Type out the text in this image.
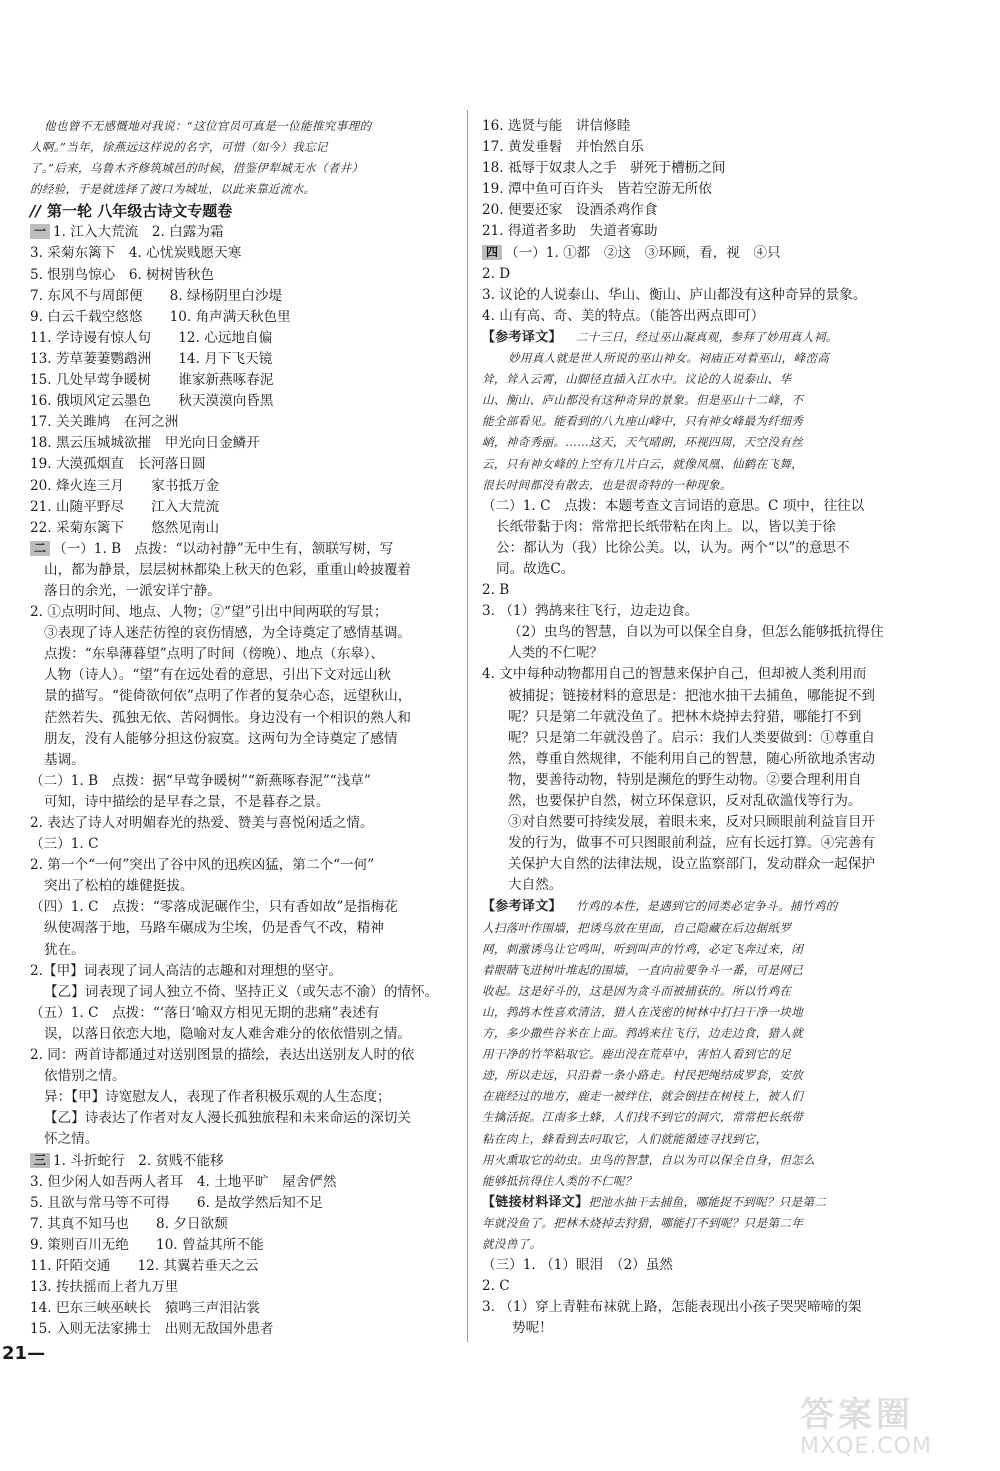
他也曾不无感慨地对我说：“这位官员可真是一位能推究事理的
人啊。”当年，徐燕远这样说的名字，可惜（如今）我忘记
了。”后来，乌鲁木齐修筑城邑的时候，借鉴伊犁城无水（者井）
的经验，于是就选择了渡口为城址，以此来靠近流水。
// 第一轮 八年级古诗文专题卷
一 1. 江入大荒流　2. 白露为霜
3. 采菊东篱下　4. 心忧炭贱愿天寒
5. 恨别鸟惊心　6. 树树皆秋色
7. 东风不与周郎便　　8. 绿杨阴里白沙堤
9. 白云千载空悠悠　　10. 角声满天秋色里
11. 学诗谩有惊人句　　12. 心远地自偏
13. 芳草萋萋鹦鹉洲　　14. 月下飞天镜
15. 几处早莺争暖树　　谁家新燕啄春泥
16. 俄顷风定云墨色　　秋天漠漠向昏黑
17. 关关雎鸠　在河之洲
18. 黑云压城城欲摧　甲光向日金鳞开
19. 大漠孤烟直　长河落日圆
20. 烽火连三月　　家书抵万金
21. 山随平野尽　　江入大荒流
22. 采菊东篱下　　悠然见南山
二 （一）1. B　点拨：“以动衬静”无中生有，颔联写树，写
山，都为静景，层层树林都染上秋天的色彩，重重山岭披覆着
落日的余光，一派安详宁静。
2. ①点明时间、地点、人物；②“望”引出中间两联的写景；
③表现了诗人迷茫彷徨的哀伤情感，为全诗奠定了感情基调。
点拨：“东皋薄暮望”点明了时间（傍晚）、地点（东皋）、
人物（诗人）。“望”有在远处看的意思，引出下文对远山秋
景的描写。“徙倚欲何依”点明了作者的复杂心态，远望秋山，
茫然若失、孤独无依、苦闷惆怅。身边没有一个相识的熟人和
朋友，没有人能够分担这份寂寞。这两句为全诗奠定了感情
基调。
（二）1. B　点拨：据“早莺争暖树”“新燕啄春泥”“浅草”
可知，诗中描绘的是早春之景，不是暮春之景。
2. 表达了诗人对明媚春光的热爱、赞美与喜悦闲适之情。
（三）1. C
2. 第一个“一何”突出了谷中风的迅疾凶猛，第二个“一何”
突出了松柏的雄健挺拔。
（四）1. C　点拨：“零落成泥碾作尘，只有香如故”是指梅花
纵使凋落于地，马路车碾成为尘埃，仍是香气不改，精神
犹在。
2.【甲】词表现了词人高洁的志趣和对理想的坚守。
【乙】词表现了词人独立不倚、坚持正义（或矢志不渝）的情怀。
（五）1. C　点拨：“‘落日’喻双方相见无期的悲痛”表述有
误，以落日依恋大地，隐喻对友人难舍难分的依依惜别之情。
2. 同：两首诗都通过对送别图景的描绘，表达出送别友人时的依
依惜别之情。
异：【甲】诗宽慰友人，表现了作者积极乐观的人生态度；
【乙】诗表达了作者对友人漫长孤独旅程和未来命运的深切关
怀之情。
三 1. 斗折蛇行　2. 贫贱不能移
3. 但少闲人如吾两人者耳　4. 土地平旷　屋舍俨然
5. 且欲与常马等不可得　　6. 是故学然后知不足
7. 其真不知马也　　8. 夕日欲颓
9. 策则百川无绝　　10. 曾益其所不能
11. 阡陌交通　　12. 其翼若垂天之云
13. 抟扶摇而上者九万里
14. 巴东三峡巫峡长　猿鸣三声泪沾裳
15. 入则无法家拂士　出则无敌国外患者
16. 选贤与能　讲信修睦
17. 黄发垂髫　并怡然自乐
18. 祗辱于奴隶人之手　骈死于槽枥之间
19. 潭中鱼可百许头　皆若空游无所依
20. 便要还家　设酒杀鸡作食
21. 得道者多助　失道者寡助
四 （一）1. ①都　②这　③环顾，看，视　④只
2. D
3. 议论的人说泰山、华山、衡山、庐山都没有这种奇异的景象。
4. 山有高、奇、美的特点。（能答出两点即可）
【参考译文】 二十三日，经过巫山凝真观，参拜了妙用真人祠。
妙用真人就是世人所说的巫山神女。祠庙正对着巫山，峰峦高
耸，耸入云霄，山脚径直插入江水中。议论的人说泰山、华
山、衡山、庐山都没有这种奇异的景象。但是巫山十二峰，不
能全部看见。能看到的八九座山峰中，只有神女峰最为纤细秀
峭，神奇秀丽。……这天，天气晴朗，环视四周，天空没有丝
云，只有神女峰的上空有几片白云，就像凤凰、仙鹤在飞舞，
很长时间都没有散去，也是很奇特的一种现象。
（二）1. C　点拨：本题考查文言词语的意思。C 项中，往往以
长纸带黏于肉：常常把长纸带粘在肉上。以，皆以美于徐
公：都认为（我）比徐公美。以，认为。两个“以”的意思不
同。故选C。
2. B
3. （1）鹁鸪来往飞行，边走边食。
（2）虫鸟的智慧，自以为可以保全自身，但怎么能够抵抗得住
人类的不仁呢？
4. 文中每种动物都用自己的智慧来保护自己，但却被人类利用而
被捕捉；链接材料的意思是：把池水抽干去捕鱼，哪能捉不到
呢？只是第二年就没鱼了。把林木烧掉去狩猎，哪能打不到
呢？只是第二年就没兽了。启示：我们人类要做到：①尊重自
然，尊重自然规律，不能利用自己的智慧，随心所欲地杀害动
物，要善待动物，特别是濒危的野生动物。②要合理利用自
然，也要保护自然，树立环保意识，反对乱砍滥伐等行为。
③对自然要可持续发展，着眼未来，反对只顾眼前利益盲目开
发的行为，做事不可只图眼前利益，应有长远打算。④完善有
关保护大自然的法律法规，设立监察部门，发动群众一起保护
大自然。
【参考译文】 竹鸡的本性，是遇到它的同类必定争斗。捕竹鸡的
人扫落叶作围墙，把诱鸟放在里面，自己隐藏在后边据纸罗
网，刺激诱鸟让它鸣叫，听到叫声的竹鸡，必定飞奔过来，闭
着眼睛飞进树叶堆起的围墙，一直向前要争斗一番，可是网已
收起。这是好斗的，这是因为贪斗而被捕获的。所以竹鸡在
山，鹁鸪木性喜欢清洁，猎人在茂密的树林中打扫干净一块地
方，多少撒些谷米在上面。鹁鸪来往飞行，边走边食，猎人就
用干净的竹竿粘取它。鹿出没在荒草中，害怕人看到它的足
迹，所以走远，只沿着一条小路走。村民把绳结成罗套，安放
在鹿经过的地方，鹿走一被绊住，就会倒挂在树枝上，被人们
生擒活捉。江南多土蜂，人们找不到它的洞穴，常常把长纸带
粘在肉上，蜂看到去叼取它，人们就能循迹寻找到它，
用火熏取它的幼虫。虫鸟的智慧，自以为可以保全自身，但怎么
能够抵抗得住人类的不仁呢？
【链接材料译文】把池水抽干去捕鱼，哪能捉不到呢？只是第二
年就没鱼了。把林木烧掉去狩猎，哪能打不到呢？只是第二年
就没兽了。
（三）1. （1）眼泪　（2）虽然
2. C
3. （1）穿上青鞋布袜就上路，怎能表现出小孩子哭哭啼啼的架
势呢！
21—
答案圈
MXQE.COM
